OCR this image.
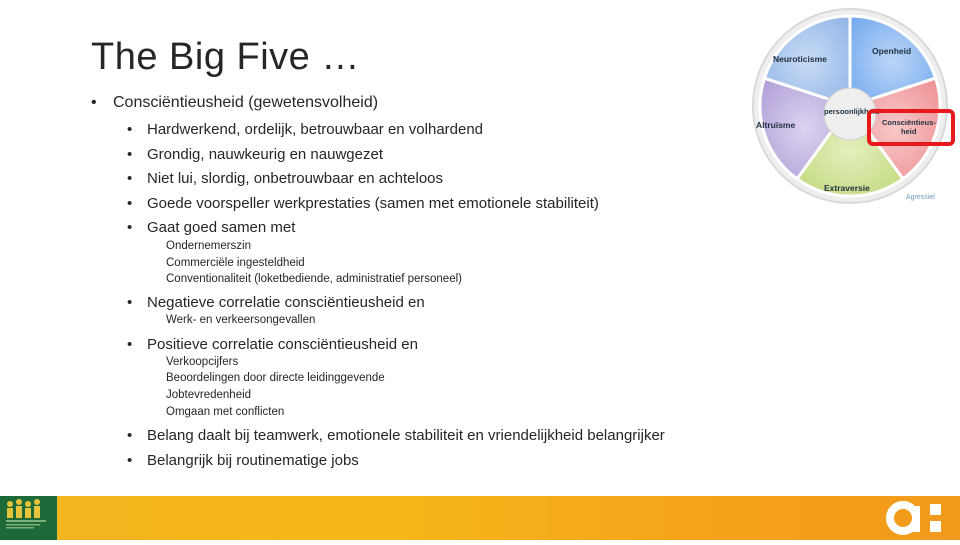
The Big Five …
• Consciëntieusheid (gewetensvolheid)
• Hardwerkend, ordelijk, betrouwbaar en volhardend
• Grondig, nauwkeurig en nauwgezet
• Niet lui, slordig, onbetrouwbaar en achteloos
• Goede voorspeller werkprestaties (samen met emotionele stabiliteit)
• Gaat goed samen met
Ondernemerszin
Commerciële ingesteldheid
Conventionaliteit (loketbediende, administratief personeel)
• Negatieve correlatie consciëntieusheid en
Werk- en verkeersongevallen
• Positieve correlatie consciëntieusheid en
Verkoopcijfers
Beoordelingen door directe leidinggevende
Jobtevredenheid
Omgaan met conflicten
• Belang daalt bij teamwerk, emotionele stabiliteit en vriendelijkheid belangrijker
• Belangrijk bij routinematige jobs
persoonlijkheid
Neuroticisme
Openheid
Altruïsme
Extraversie
Consciëntieus-
heid
Agressiel
